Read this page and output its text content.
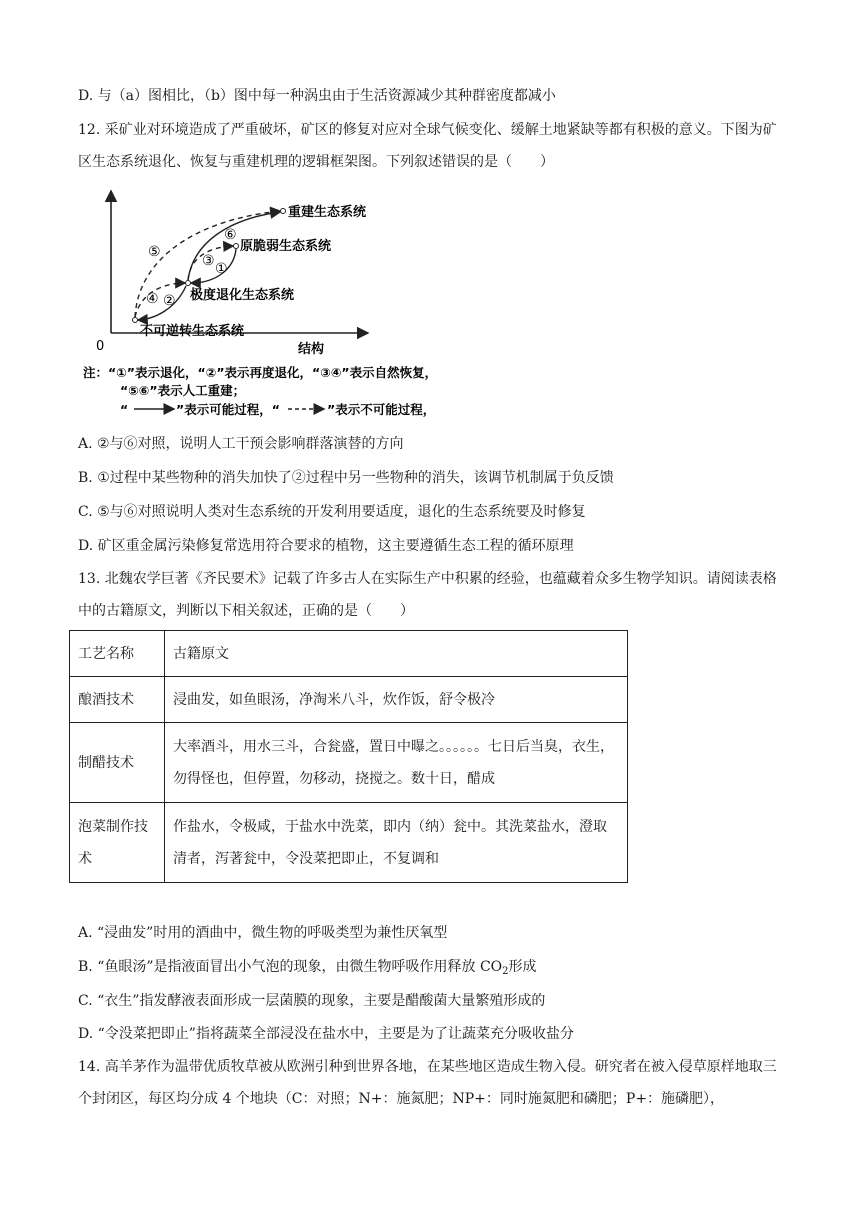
D. 与（a）图相比，（b）图中每一种涡虫由于生活资源减少其种群密度都减小
12. 采矿业对环境造成了严重破坏，矿区的修复对应对全球气候变化、缓解土地紧缺等都有积极的意义。下图为矿区生态系统退化、恢复与重建机理的逻辑框架图。下列叙述错误的是（　　）
0	结构
重建生态系统
原脆弱生态系统
极度退化生态系统
不可逆转生态系统
⑤
⑥
③ ①
④ ②
注：“①”表示退化，“②”表示再度退化，“③④”表示自然恢复，
“⑤⑥”表示人工重建；
“	”表示可能过程，“	”表示不可能过程，
A. ②与⑥对照，说明人工干预会影响群落演替的方向
B. ①过程中某些物种的消失加快了②过程中另一些物种的消失，该调节机制属于负反馈
C. ⑤与⑥对照说明人类对生态系统的开发利用要适度，退化的生态系统要及时修复
D. 矿区重金属污染修复常选用符合要求的植物，这主要遵循生态工程的循环原理
13. 北魏农学巨著《齐民要术》记载了许多古人在实际生产中积累的经验，也蕴藏着众多生物学知识。请阅读表格中的古籍原文，判断以下相关叙述，正确的是（　　）
工艺名称	古籍原文
酿酒技术	浸曲发，如鱼眼汤，净淘米八斗，炊作饭，舒令极冷
制醋技术	大率酒斗，用水三斗，合瓮盛，置日中曝之。。。。。。七日后当臭，衣生，勿得怪也，但停置，勿移动，挠搅之。数十日，醋成
泡菜制作技术	作盐水，令极咸，于盐水中洗菜，即内（纳）瓮中。其洗菜盐水，澄取清者，泻著瓮中，令没菜把即止，不复调和
A. “浸曲发”时用的酒曲中，微生物的呼吸类型为兼性厌氧型
B. “鱼眼汤”是指液面冒出小气泡的现象，由微生物呼吸作用释放 $CO_2$形成
C. “衣生”指发酵液表面形成一层菌膜的现象，主要是醋酸菌大量繁殖形成的
D. “令没菜把即止”指将蔬菜全部浸没在盐水中，主要是为了让蔬菜充分吸收盐分
14. 高羊茅作为温带优质牧草被从欧洲引种到世界各地，在某些地区造成生物入侵。研究者在被入侵草原样地取三个封闭区，每区均分成 4 个地块（C：对照；N+：施氮肥；NP+：同时施氮肥和磷肥；P+：施磷肥），
